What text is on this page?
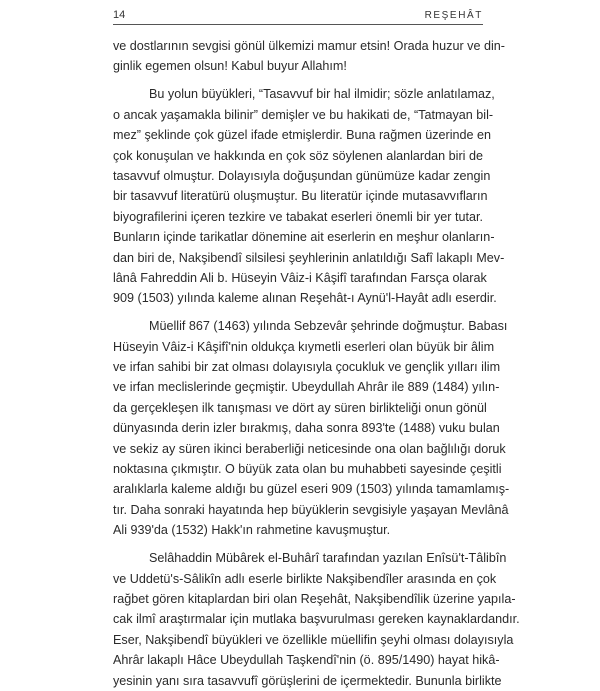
14	REŞEHÂT
ve dostlarının sevgisi gönül ülkemizi mamur etsin! Orada huzur ve din-
ginlik egemen olsun! Kabul buyur Allahım!
Bu yolun büyükleri, “Tasavvuf bir hal ilmidir; sözle anlatılamaz,
o ancak yaşamakla bilinir” demişler ve bu hakikati de, “Tatmayan bil-
mez” şeklinde çok güzel ifade etmişlerdir. Buna rağmen üzerinde en
çok konuşulan ve hakkında en çok söz söylenen alanlardan biri de
tasavvuf olmuştur. Dolayısıyla doğuşundan günümüze kadar zengin
bir tasavvuf literatürü oluşmuştur. Bu literatür içinde mutasavvıfların
biyografilerini içeren tezkire ve tabakat eserleri önemli bir yer tutar.
Bunların içinde tarikatlar dönemine ait eserlerin en meşhur olanların-
dan biri de, Nakşibendî silsilesi şeyhlerinin anlatıldığı Safî lakaplı Mev-
lânâ Fahreddin Ali b. Hüseyin Vâiz-i Kâşifî tarafından Farsça olarak
909 (1503) yılında kaleme alınan Reşehât-ı Aynü'l-Hayât adlı eserdir.
Müellif 867 (1463) yılında Sebzevâr şehrinde doğmuştur. Babası
Hüseyin Vâiz-i Kâşifî'nin oldukça kıymetli eserleri olan büyük bir âlim
ve irfan sahibi bir zat olması dolayısıyla çocukluk ve gençlik yılları ilim
ve irfan meclislerinde geçmiştir. Ubeydullah Ahrâr ile 889 (1484) yılın-
da gerçekleşen ilk tanışması ve dört ay süren birlikteliği onun gönül
dünyasında derin izler bırakmış, daha sonra 893'te (1488) vuku bulan
ve sekiz ay süren ikinci beraberliği neticesinde ona olan bağlılığı doruk
noktasına çıkmıştır. O büyük zata olan bu muhabbeti sayesinde çeşitli
aralıklarla kaleme aldığı bu güzel eseri 909 (1503) yılında tamamlamış-
tır. Daha sonraki hayatında hep büyüklerin sevgisiyle yaşayan Mevlânâ
Ali 939'da (1532) Hakk'ın rahmetine kavuşmuştur.
Selâhaddin Mübârek el-Buhârî tarafından yazılan Enîsü't-Tâlibîn
ve Uddetü's-Sâlikîn adlı eserle birlikte Nakşibendîler arasında en çok
rağbet gören kitaplardan biri olan Reşehât, Nakşibendîlik üzerine yapıla-
cak ilmî araştırmalar için mutlaka başvurulması gereken kaynaklardandır.
Eser, Nakşibendî büyükleri ve özellikle müellifin şeyhi olması dolayısıyla
Ahrâr lakaplı Hâce Ubeydullah Taşkendî'nin (ö. 895/1490) hayat hikâ-
yesinin yanı sıra tasavvufî görüşlerini de içermektedir. Bununla birlikte
